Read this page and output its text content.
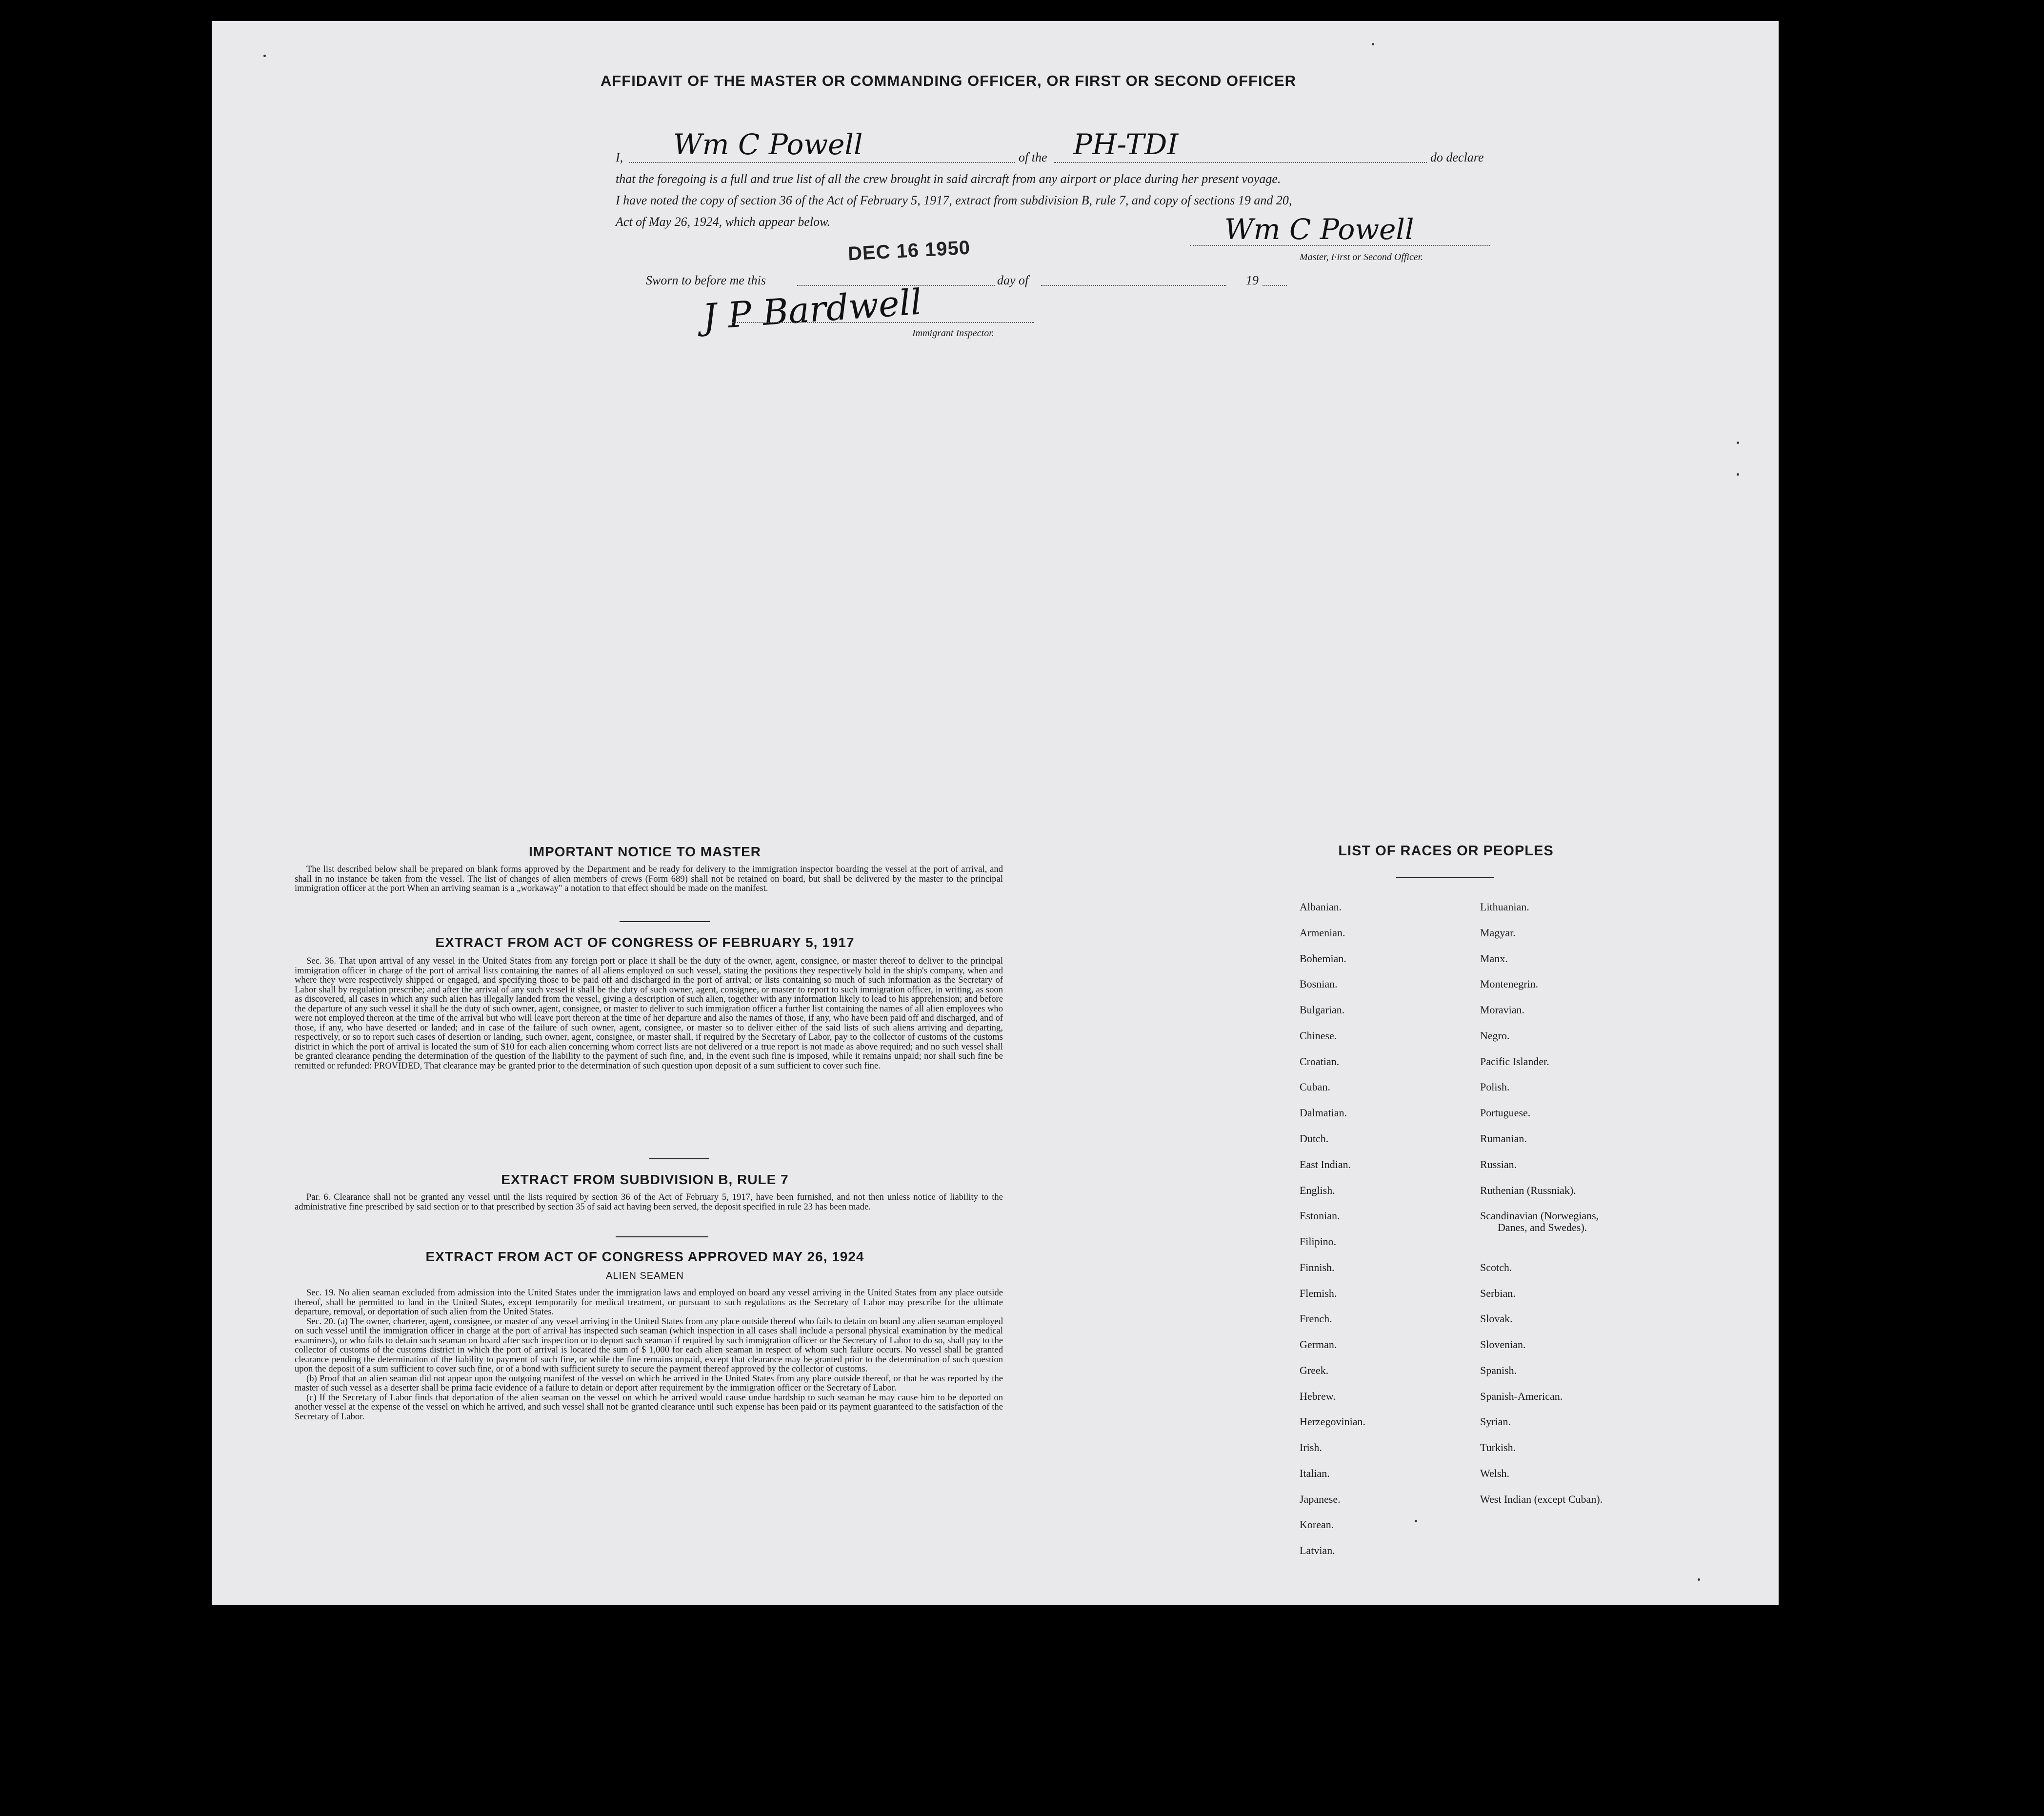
AFFIDAVIT OF THE MASTER OR COMMANDING OFFICER, OR FIRST OR SECOND OFFICER
I, Wm C Powell	of the PH-TDI	do declare
that the foregoing is a full and true list of all the crew brought in said aircraft from any airport or place during her present voyage.
I have noted the copy of section 36 of the Act of February 5, 1917, extract from subdivision B, rule 7, and copy of sections 19 and 20,
Act of May 26, 1924, which appear below.	Wm C Powell
Master, First or Second Officer.
DEC 16 1950
Sworn to before me this	day of	19
J P Bardwell
Immigrant Inspector.
IMPORTANT NOTICE TO MASTER

The list described below shall be prepared on blank forms approved by the Department and be ready for delivery to the immigration inspector boarding the vessel at the port of arrival, and shall in no instance be taken from the vessel. The list of changes of alien members of crews (Form 689) shall not be retained on board, but shall be delivered by the master to the principal immigration officer at the port When an arriving seaman is a „workaway" a notation to that effect should be made on the manifest.

EXTRACT FROM ACT OF CONGRESS OF FEBRUARY 5, 1917

Sec. 36. That upon arrival of any vessel in the United States from any foreign port or place it shall be the duty of the owner, agent, consignee, or master thereof to deliver to the principal immigration officer in charge of the port of arrival lists containing the names of all aliens employed on such vessel, stating the positions they respectively hold in the ship's company, when and where they were respectively shipped or engaged, and specifying those to be paid off and discharged in the port of arrival; or lists containing so much of such information as the Secretary of Labor shall by regulation prescribe; and after the arrival of any such vessel it shall be the duty of such owner, agent, consignee, or master to report to such immigration officer, in writing, as soon as discovered, all cases in which any such alien has illegally landed from the vessel, giving a description of such alien, together with any information likely to lead to his apprehension; and before the departure of any such vessel it shall be the duty of such owner, agent, consignee, or master to deliver to such immigration officer a further list containing the names of all alien employees who were not employed thereon at the time of the arrival but who will leave port thereon at the time of her departure and also the names of those, if any, who have been paid off and discharged, and of those, if any, who have deserted or landed; and in case of the failure of such owner, agent, consignee, or master so to deliver either of the said lists of such aliens arriving and departing, respectively, or so to report such cases of desertion or landing, such owner, agent, consignee, or master shall, if required by the Secretary of Labor, pay to the collector of customs of the customs district in which the port of arrival is located the sum of $10 for each alien concerning whom correct lists are not delivered or a true report is not made as above required; and no such vessel shall be granted clearance pending the determination of the question of the liability to the payment of such fine, and, in the event such fine is imposed, while it remains unpaid; nor shall such fine be remitted or refunded: PROVIDED, That clearance may be granted prior to the determination of such question upon deposit of a sum sufficient to cover such fine.

EXTRACT FROM SUBDIVISION B, RULE 7

Par. 6. Clearance shall not be granted any vessel until the lists required by section 36 of the Act of February 5, 1917, have been furnished, and not then unless notice of liability to the administrative fine prescribed by said section or to that prescribed by section 35 of said act having been served, the deposit specified in rule 23 has been made.

EXTRACT FROM ACT OF CONGRESS APPROVED MAY 26, 1924
ALIEN SEAMEN

Sec. 19. No alien seaman excluded from admission into the United States under the immigration laws and employed on board any vessel arriving in the United States from any place outside thereof, shall be permitted to land in the United States, except temporarily for medical treatment, or pursuant to such regulations as the Secretary of Labor may prescribe for the ultimate departure, removal, or deportation of such alien from the United States.

Sec. 20. (a) The owner, charterer, agent, consignee, or master of any vessel arriving in the United States from any place outside thereof who fails to detain on board any alien seaman employed on such vessel until the immigration officer in charge at the port of arrival has inspected such seaman (which inspection in all cases shall include a personal physical examination by the medical examiners), or who fails to detain such seaman on board after such inspection or to deport such seaman if required by such immigration officer or the Secretary of Labor to do so, shall pay to the collector of customs of the customs district in which the port of arrival is located the sum of $ 1,000 for each alien seaman in respect of whom such failure occurs. No vessel shall be granted clearance pending the determination of the liability to payment of such fine, or while the fine remains unpaid, except that clearance may be granted prior to the determination of such question upon the deposit of a sum sufficient to cover such fine, or of a bond with sufficient surety to secure the payment thereof approved by the collector of customs.

(b) Proof that an alien seaman did not appear upon the outgoing manifest of the vessel on which he arrived in the United States from any place outside thereof, or that he was reported by the master of such vessel as a deserter shall be prima facie evidence of a failure to detain or deport after requirement by the immigration officer or the Secretary of Labor.

(c) If the Secretary of Labor finds that deportation of the alien seaman on the vessel on which he arrived would cause undue hardship to such seaman he may cause him to be deported on another vessel at the expense of the vessel on which he arrived, and such vessel shall not be granted clearance until such expense has been paid or its payment guaranteed to the satisfaction of the Secretary of Labor.

LIST OF RACES OR PEOPLES
Albanian.
Armenian.
Bohemian.
Bosnian.
Bulgarian.
Chinese.
Croatian.
Cuban.
Dalmatian.
Dutch.
East Indian.
English.
Estonian.
Filipino.
Finnish.
Flemish.
French.
German.
Greek.
Hebrew.
Herzegovinian.
Irish.
Italian.
Japanese.
Korean.
Latvian.
Lithuanian.
Magyar.
Manx.
Montenegrin.
Moravian.
Negro.
Pacific Islander.
Polish.
Portuguese.
Rumanian.
Russian.
Ruthenian (Russniak).
Scandinavian (Norwegians,
Danes, and Swedes).
Scotch.
Serbian.
Slovak.
Slovenian.
Spanish.
Spanish-American.
Syrian.
Turkish.
Welsh.
West Indian (except Cuban).
